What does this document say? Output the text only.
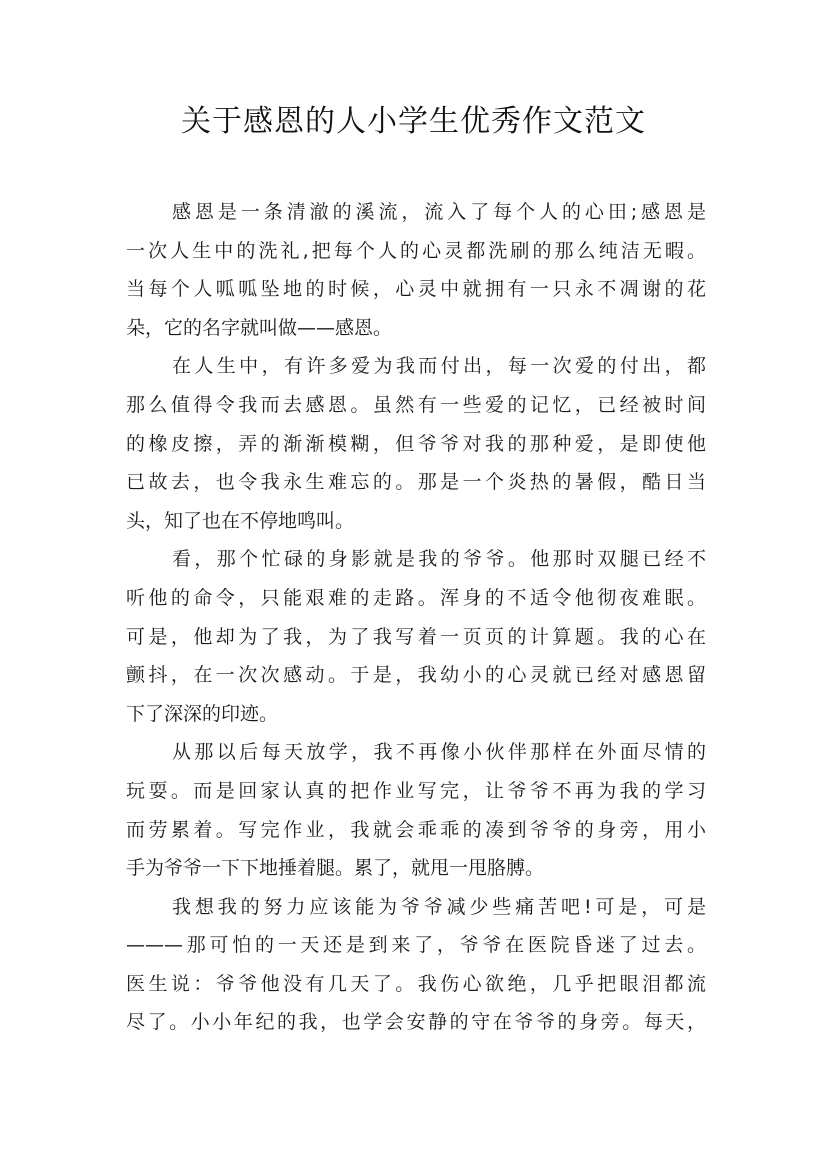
关于感恩的人小学生优秀作文范文
感恩是一条清澈的溪流，流入了每个人的心田;感恩是
一次人生中的洗礼,把每个人的心灵都洗刷的那么纯洁无暇。
当每个人呱呱坠地的时候，心灵中就拥有一只永不凋谢的花
朵，它的名字就叫做——感恩。
在人生中，有许多爱为我而付出，每一次爱的付出，都
那么值得令我而去感恩。虽然有一些爱的记忆，已经被时间
的橡皮擦，弄的渐渐模糊，但爷爷对我的那种爱，是即使他
已故去，也令我永生难忘的。那是一个炎热的暑假，酷日当
头，知了也在不停地鸣叫。
看，那个忙碌的身影就是我的爷爷。他那时双腿已经不
听他的命令，只能艰难的走路。浑身的不适令他彻夜难眠。
可是，他却为了我，为了我写着一页页的计算题。我的心在
颤抖，在一次次感动。于是，我幼小的心灵就已经对感恩留
下了深深的印迹。
从那以后每天放学，我不再像小伙伴那样在外面尽情的
玩耍。而是回家认真的把作业写完，让爷爷不再为我的学习
而劳累着。写完作业，我就会乖乖的凑到爷爷的身旁，用小
手为爷爷一下下地捶着腿。累了，就甩一甩胳膊。
我想我的努力应该能为爷爷减少些痛苦吧!可是，可是
———那可怕的一天还是到来了，爷爷在医院昏迷了过去。
医生说：爷爷他没有几天了。我伤心欲绝，几乎把眼泪都流
尽了。小小年纪的我，也学会安静的守在爷爷的身旁。每天，
